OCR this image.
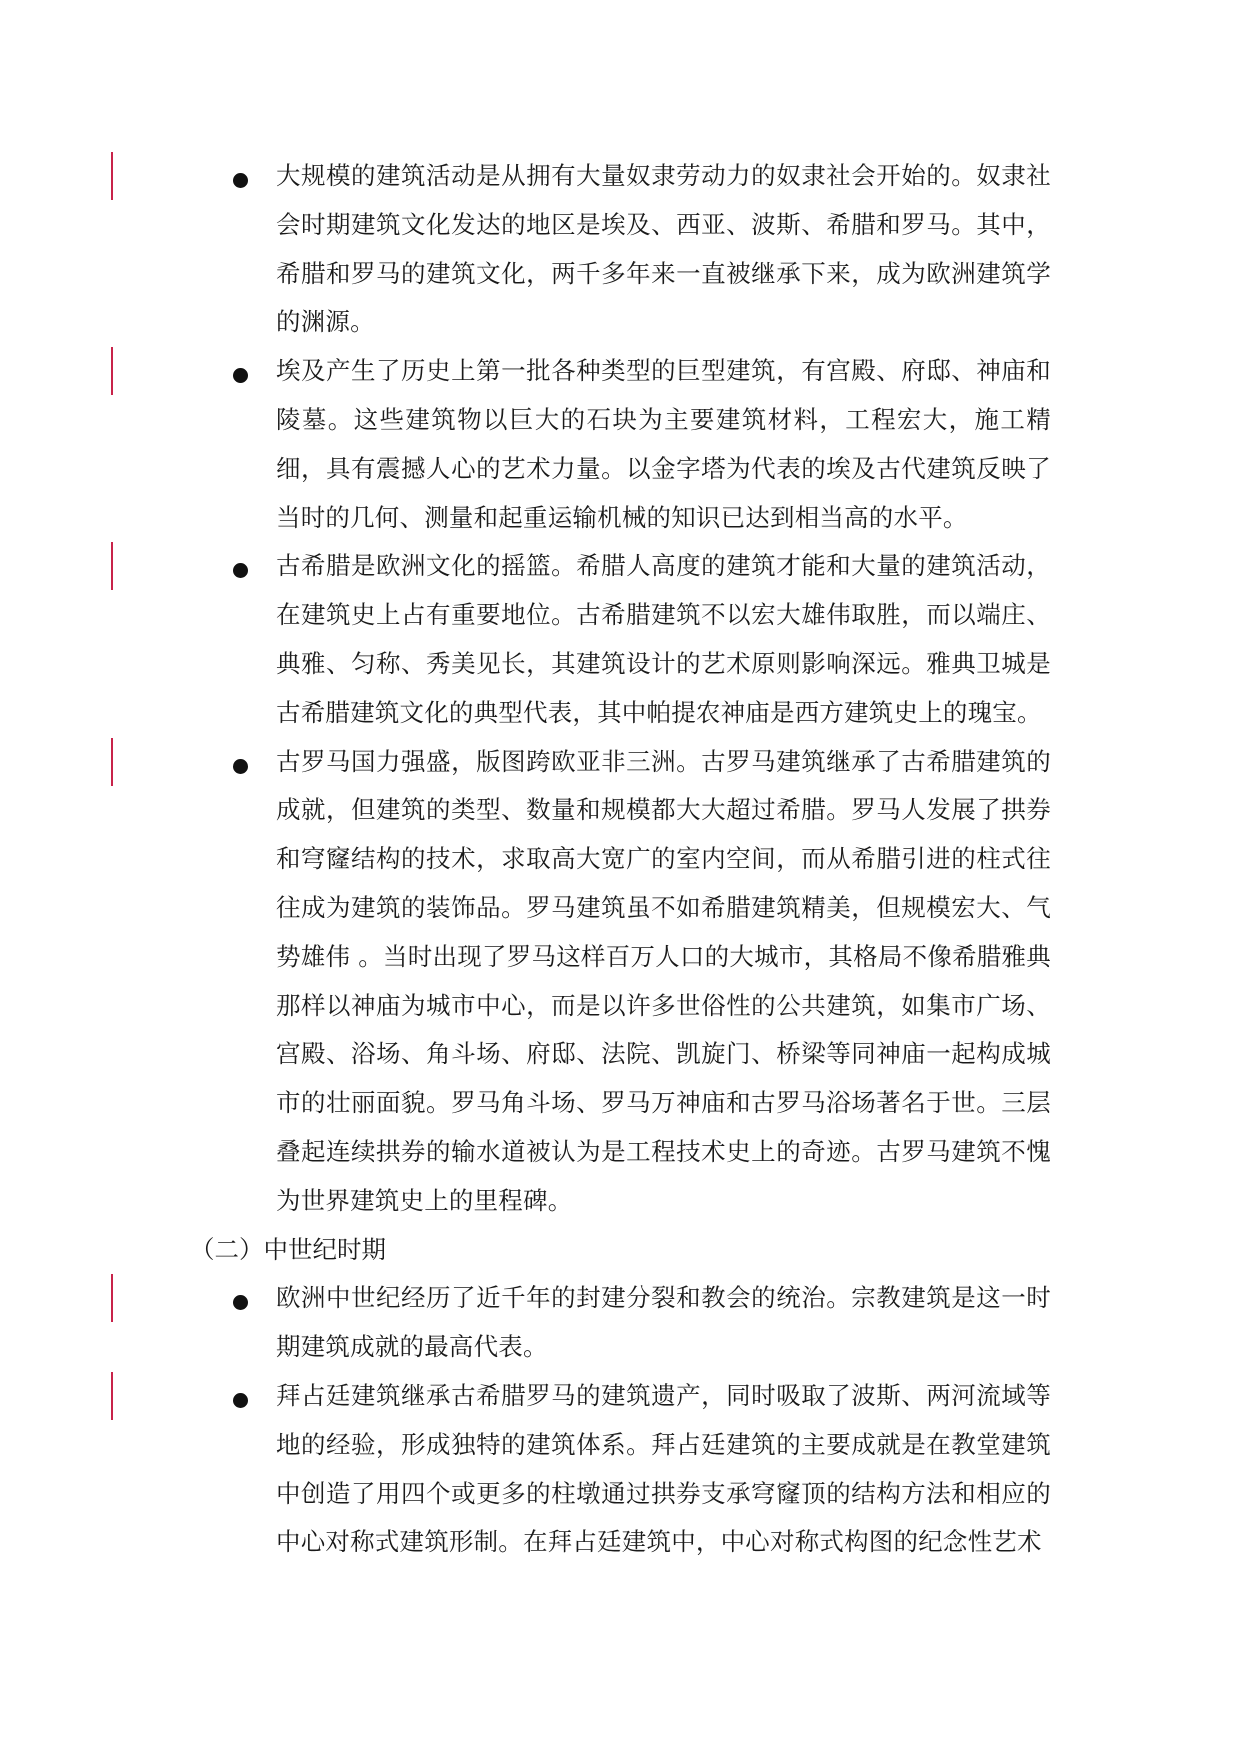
大规模的建筑活动是从拥有大量奴隶劳动力的奴隶社会开始的。奴隶社会时期建筑文化发达的地区是埃及、西亚、波斯、希腊和罗马。其中，希腊和罗马的建筑文化，两千多年来一直被继承下来，成为欧洲建筑学的渊源。

埃及产生了历史上第一批各种类型的巨型建筑，有宫殿、府邸、神庙和陵墓。这些建筑物以巨大的石块为主要建筑材料，工程宏大，施工精细，具有震撼人心的艺术力量。以金字塔为代表的埃及古代建筑反映了当时的几何、测量和起重运输机械的知识已达到相当高的水平。

古希腊是欧洲文化的摇篮。希腊人高度的建筑才能和大量的建筑活动，在建筑史上占有重要地位。古希腊建筑不以宏大雄伟取胜，而以端庄、典雅、匀称、秀美见长，其建筑设计的艺术原则影响深远。雅典卫城是古希腊建筑文化的典型代表，其中帕提农神庙是西方建筑史上的瑰宝。

古罗马国力强盛，版图跨欧亚非三洲。古罗马建筑继承了古希腊建筑的成就，但建筑的类型、数量和规模都大大超过希腊。罗马人发展了拱券和穹窿结构的技术，求取高大宽广的室内空间，而从希腊引进的柱式往往成为建筑的装饰品。罗马建筑虽不如希腊建筑精美，但规模宏大、气势雄伟 。当时出现了罗马这样百万人口的大城市，其格局不像希腊雅典那样以神庙为城市中心，而是以许多世俗性的公共建筑，如集市广场、宫殿、浴场、角斗场、府邸、法院、凯旋门、桥梁等同神庙一起构成城市的壮丽面貌。罗马角斗场、罗马万神庙和古罗马浴场著名于世。三层叠起连续拱券的输水道被认为是工程技术史上的奇迹。古罗马建筑不愧为世界建筑史上的里程碑。

（二）中世纪时期

欧洲中世纪经历了近千年的封建分裂和教会的统治。宗教建筑是这一时期建筑成就的最高代表。

拜占廷建筑继承古希腊罗马的建筑遗产，同时吸取了波斯、两河流域等地的经验，形成独特的建筑体系。拜占廷建筑的主要成就是在教堂建筑中创造了用四个或更多的柱墩通过拱券支承穹窿顶的结构方法和相应的中心对称式建筑形制。在拜占廷建筑中，中心对称式构图的纪念性艺术
